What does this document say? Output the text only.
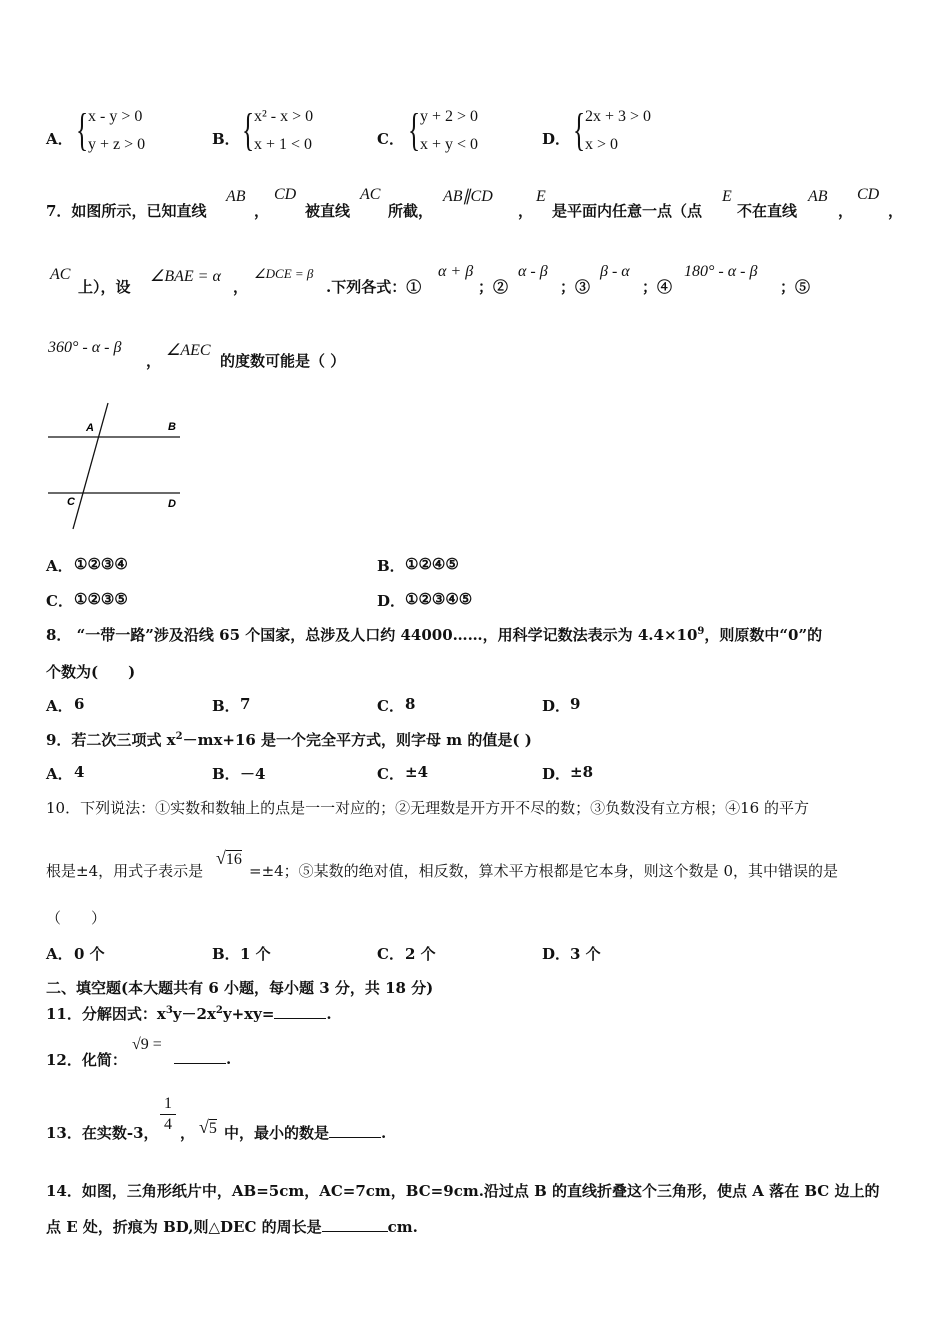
A． { x - y > 0
y + z > 0	B． { x² - x > 0
x + 1 < 0	C． { y + 2 > 0
x + y < 0	D． { 2x + 3 > 0
x > 0
7．如图所示，已知直线
AB
，
CD
被直线
AC
所截，
AB∥CD
，
E
是平面内任意一点（点
E
不在直线
AB
，
CD
，
AC
上），设
∠BAE = α
，
∠DCE = β
.下列各式：①
α + β
；②
α - β
；③
β - α
；④
180° - α - β
；⑤
360° - α - β
，
∠AEC
的度数可能是（ ）
A	B
C	D
A． ①②③④	B． ①②④⑤
C． ①②③⑤	D． ①②③④⑤
8． “一带一路”涉及沿线 65 个国家，总涉及人口约 44000……，用科学记数法表示为 $4.4\times 10^9$，则原数中“0”的
个数为(　　)
A． 6	B． 7	C． 8	D． 9
9．若二次三项式 $x^2-mx+16$ 是一个完全平方式，则字母 m 的值是( )
A． 4	B． －4	C． ±4	D． ±8
10．下列说法：①实数和数轴上的点是一一对应的；②无理数是开方开不尽的数；③负数没有立方根；④16 的平方
根是±4，用式子表示是
√16
=±4；⑤某数的绝对值，相反数，算术平方根都是它本身，则这个数是 0，其中错误的是
（　　）
A． 0 个	B． 1 个	C． 2 个	D． 3 个
二、填空题(本大题共有 6 小题，每小题 3 分，共 18 分)
11．分解因式：$x^3y-2x^2y+xy=$	.
12．化简：
√9 =
.
13．在实数-3， $\frac{1}{4}$ ， √5 中，最小的数是	.
14．如图，三角形纸片中，AB=5cm，AC=7cm，BC=9cm.沿过点 B 的直线折叠这个三角形，使点 A 落在 BC 边上的
点 E 处，折痕为 BD,则△DEC 的周长是	cm.
